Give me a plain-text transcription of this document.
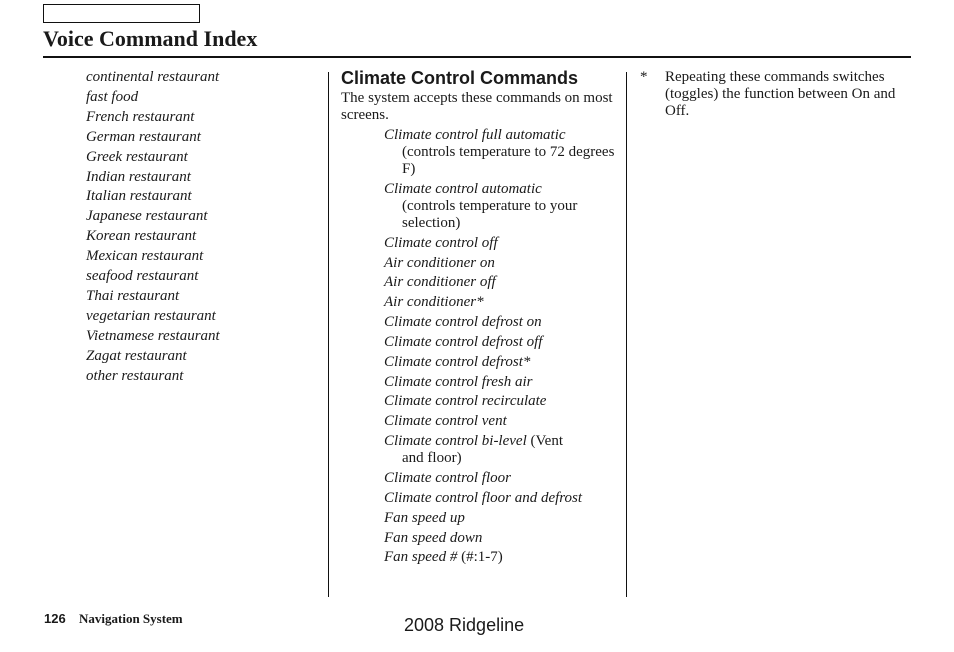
Voice Command Index
continental restaurant
fast food
French restaurant
German restaurant
Greek restaurant
Indian restaurant
Italian restaurant
Japanese restaurant
Korean restaurant
Mexican restaurant
seafood restaurant
Thai restaurant
vegetarian restaurant
Vietnamese restaurant
Zagat restaurant
other restaurant
Climate Control Commands
The system accepts these commands on most screens.
Climate control full automatic
(controls temperature to 72 degrees F)
Climate control automatic
(controls temperature to your selection)
Climate control off
Air conditioner on
Air conditioner off
Air conditioner*
Climate control defrost on
Climate control defrost off
Climate control defrost*
Climate control fresh air
Climate control recirculate
Climate control vent
Climate control bi-level (Vent
and floor)
Climate control floor
Climate control floor and defrost
Fan speed up
Fan speed down
Fan speed # (#:1-7)
* Repeating these commands switches (toggles) the function between On and Off.
126 Navigation System	2008 Ridgeline
